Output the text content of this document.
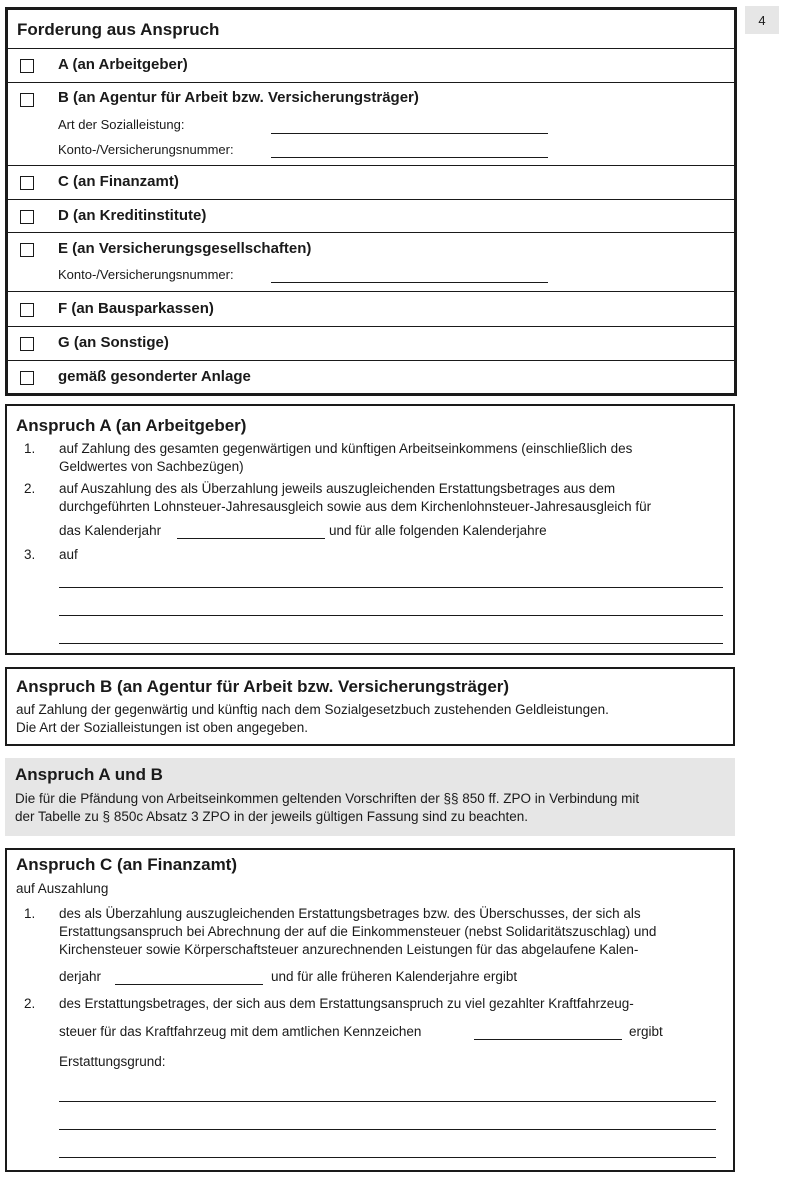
4
Forderung aus Anspruch
A (an Arbeitgeber)
B (an Agentur für Arbeit bzw. Versicherungsträger)
Art der Sozialleistung:
Konto-/Versicherungsnummer:
C (an Finanzamt)
D (an Kreditinstitute)
E (an Versicherungsgesellschaften)
Konto-/Versicherungsnummer:
F (an Bausparkassen)
G (an Sonstige)
gemäß gesonderter Anlage
Anspruch A (an Arbeitgeber)
1. auf Zahlung des gesamten gegenwärtigen und künftigen Arbeitseinkommens (einschließlich des
Geldwertes von Sachbezügen)
2. auf Auszahlung des als Überzahlung jeweils auszugleichenden Erstattungsbetrages aus dem
durchgeführten Lohnsteuer-Jahresausgleich sowie aus dem Kirchenlohnsteuer-Jahresausgleich für
das Kalenderjahr	und für alle folgenden Kalenderjahre
3. auf
Anspruch B (an Agentur für Arbeit bzw. Versicherungsträger)
auf Zahlung der gegenwärtig und künftig nach dem Sozialgesetzbuch zustehenden Geldleistungen.
Die Art der Sozialleistungen ist oben angegeben.
Anspruch A und B
Die für die Pfändung von Arbeitseinkommen geltenden Vorschriften der §§ 850 ff. ZPO in Verbindung mit
der Tabelle zu § 850c Absatz 3 ZPO in der jeweils gültigen Fassung sind zu beachten.
Anspruch C (an Finanzamt)
auf Auszahlung
1. des als Überzahlung auszugleichenden Erstattungsbetrages bzw. des Überschusses, der sich als
Erstattungsanspruch bei Abrechnung der auf die Einkommensteuer (nebst Solidaritätszuschlag) und
Kirchensteuer sowie Körperschaftsteuer anzurechnenden Leistungen für das abgelaufene Kalen-
derjahr	und für alle früheren Kalenderjahre ergibt
2. des Erstattungsbetrages, der sich aus dem Erstattungsanspruch zu viel gezahlter Kraftfahrzeug-
steuer für das Kraftfahrzeug mit dem amtlichen Kennzeichen	ergibt
Erstattungsgrund:
